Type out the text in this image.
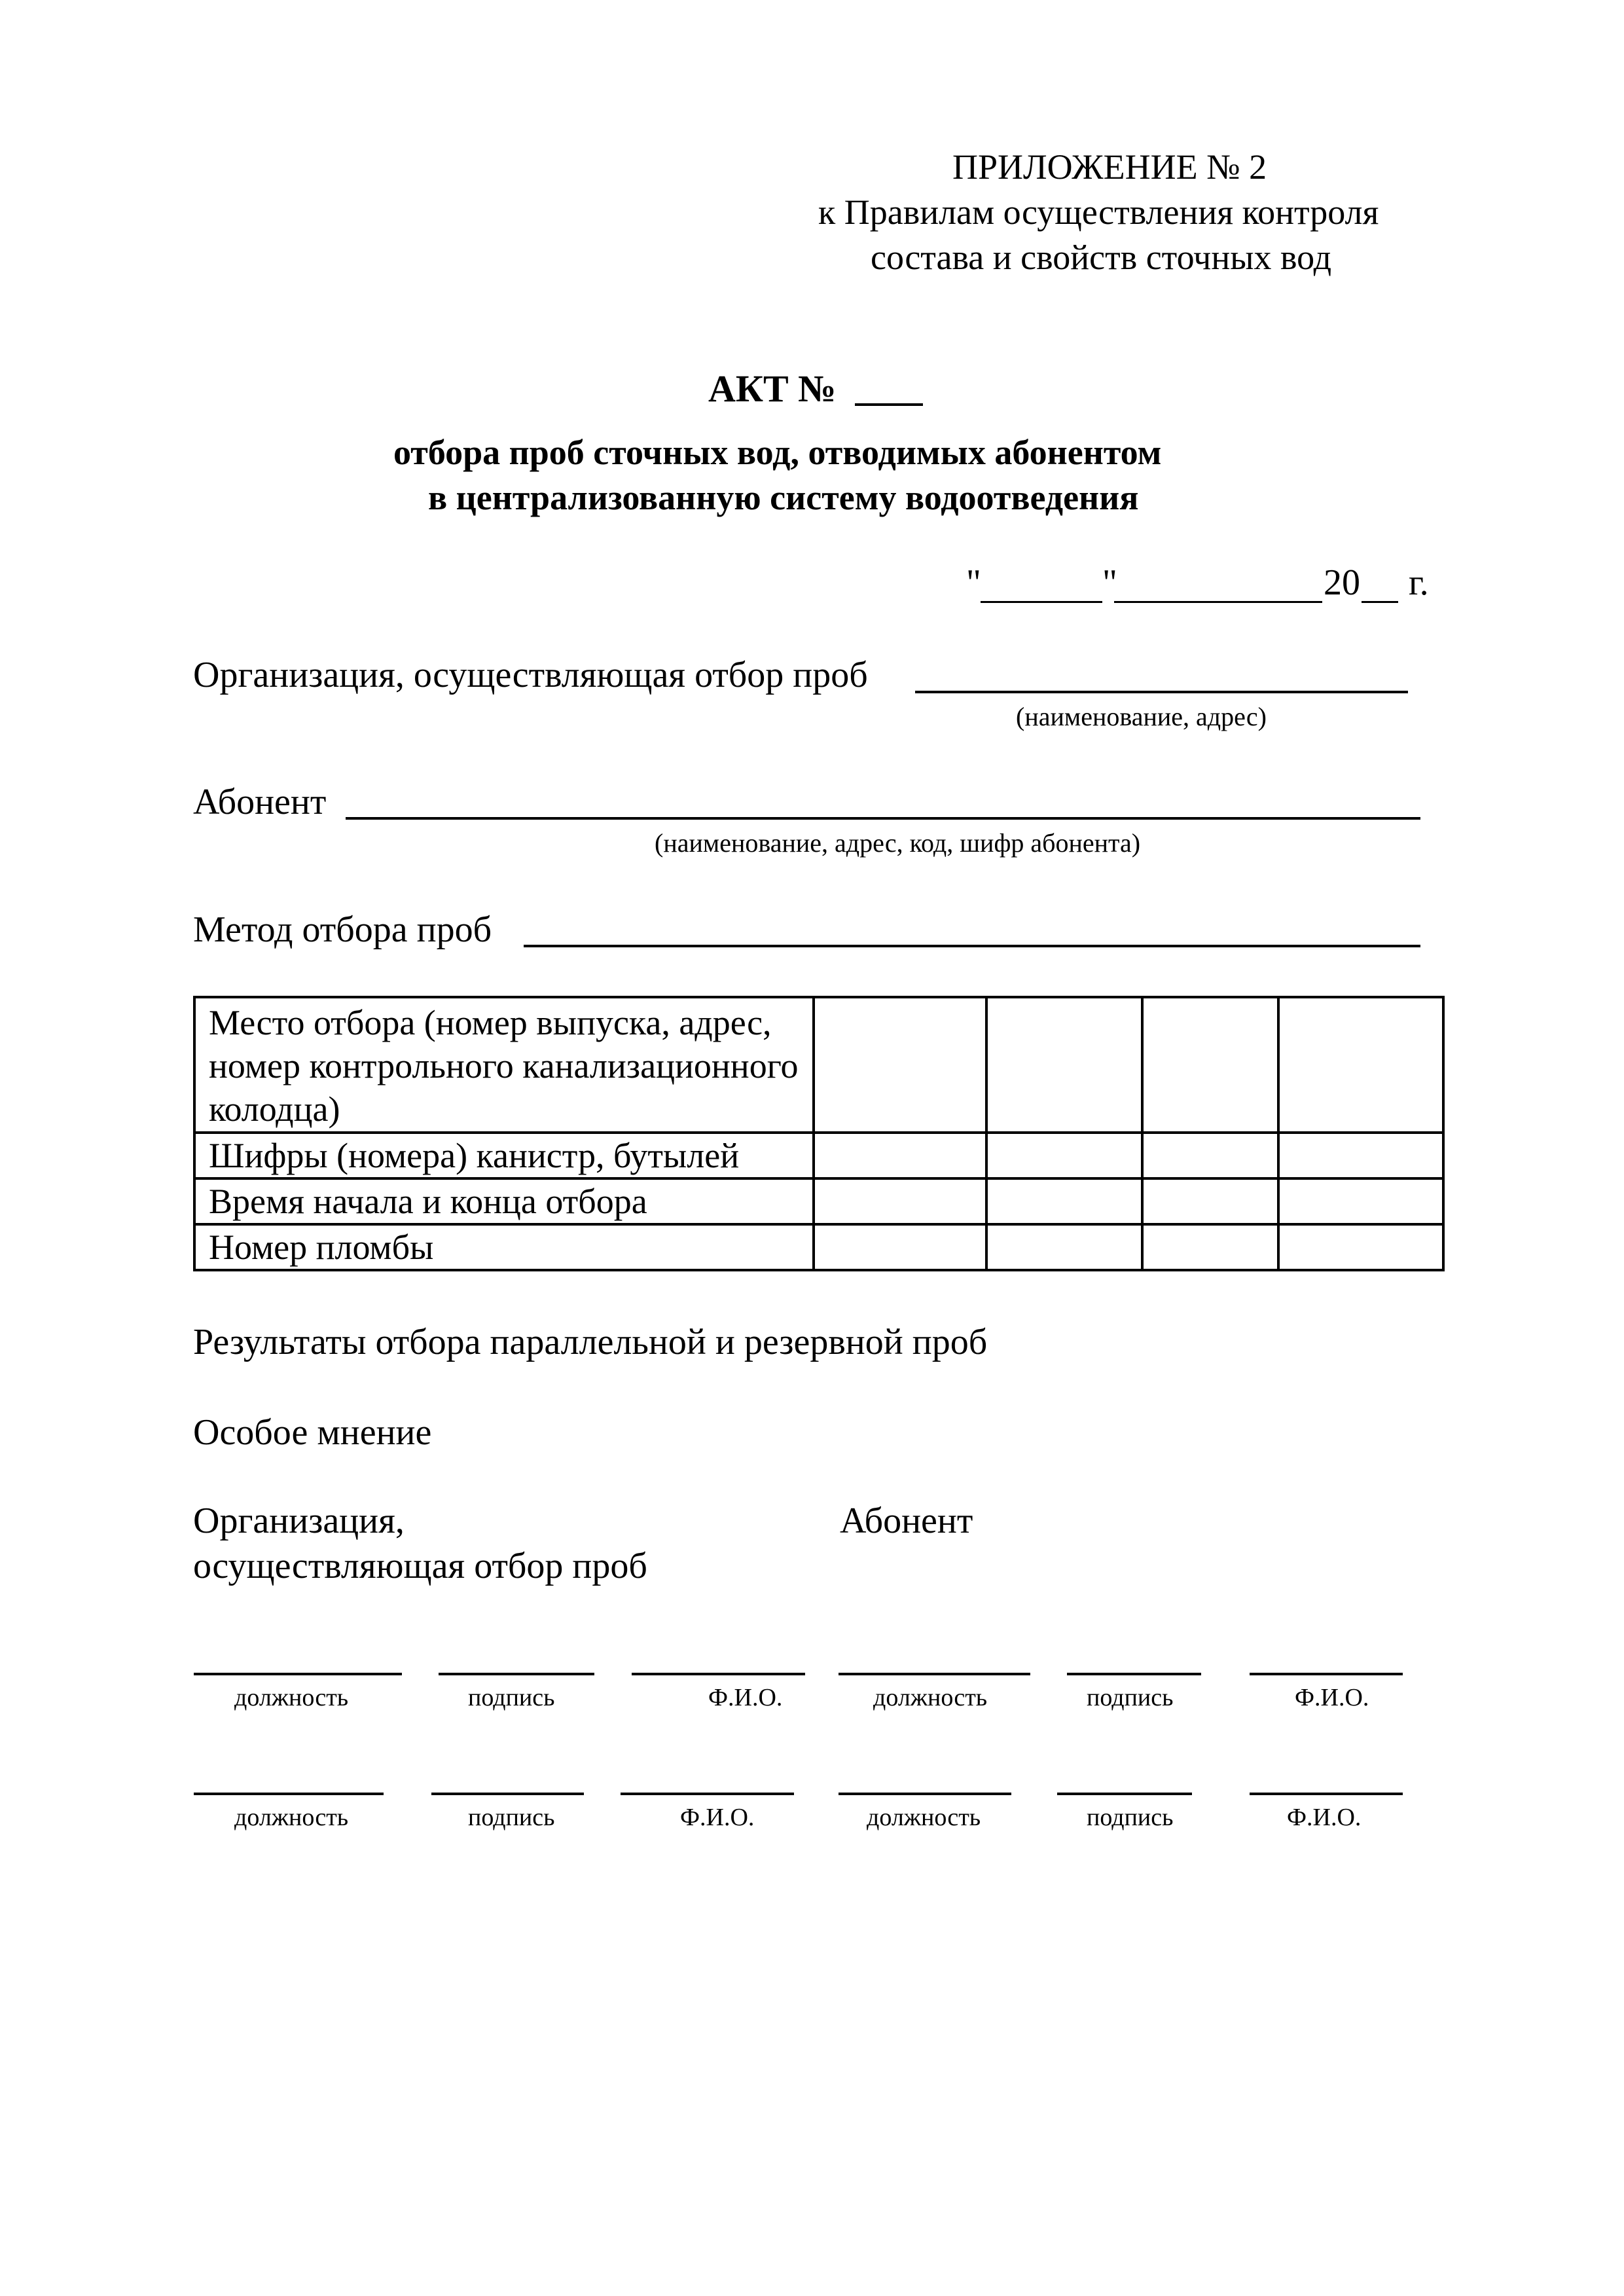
ПРИЛОЖЕНИЕ № 2
к Правилам осуществления контроля
состава и свойств сточных вод
АКТ №
отбора проб сточных вод, отводимых абонентом
в централизованную систему водоотведения
"	"	20 г.
Организация, осуществляющая отбор проб
(наименование, адрес)
Абонент
(наименование, адрес, код, шифр абонента)
Метод отбора проб
Место отбора (номер выпуска, адрес, номер контрольного канализационного колодца)				
Шифры (номера) канистр, бутылей				
Время начала и конца отбора				
Номер пломбы				
Результаты отбора параллельной и резервной проб
Особое мнение
Организация,
осуществляющая отбор проб
Абонент
должность	подпись	Ф.И.О.	должность	подпись	Ф.И.О.
должность	подпись	Ф.И.О.	должность	подпись	Ф.И.О.
